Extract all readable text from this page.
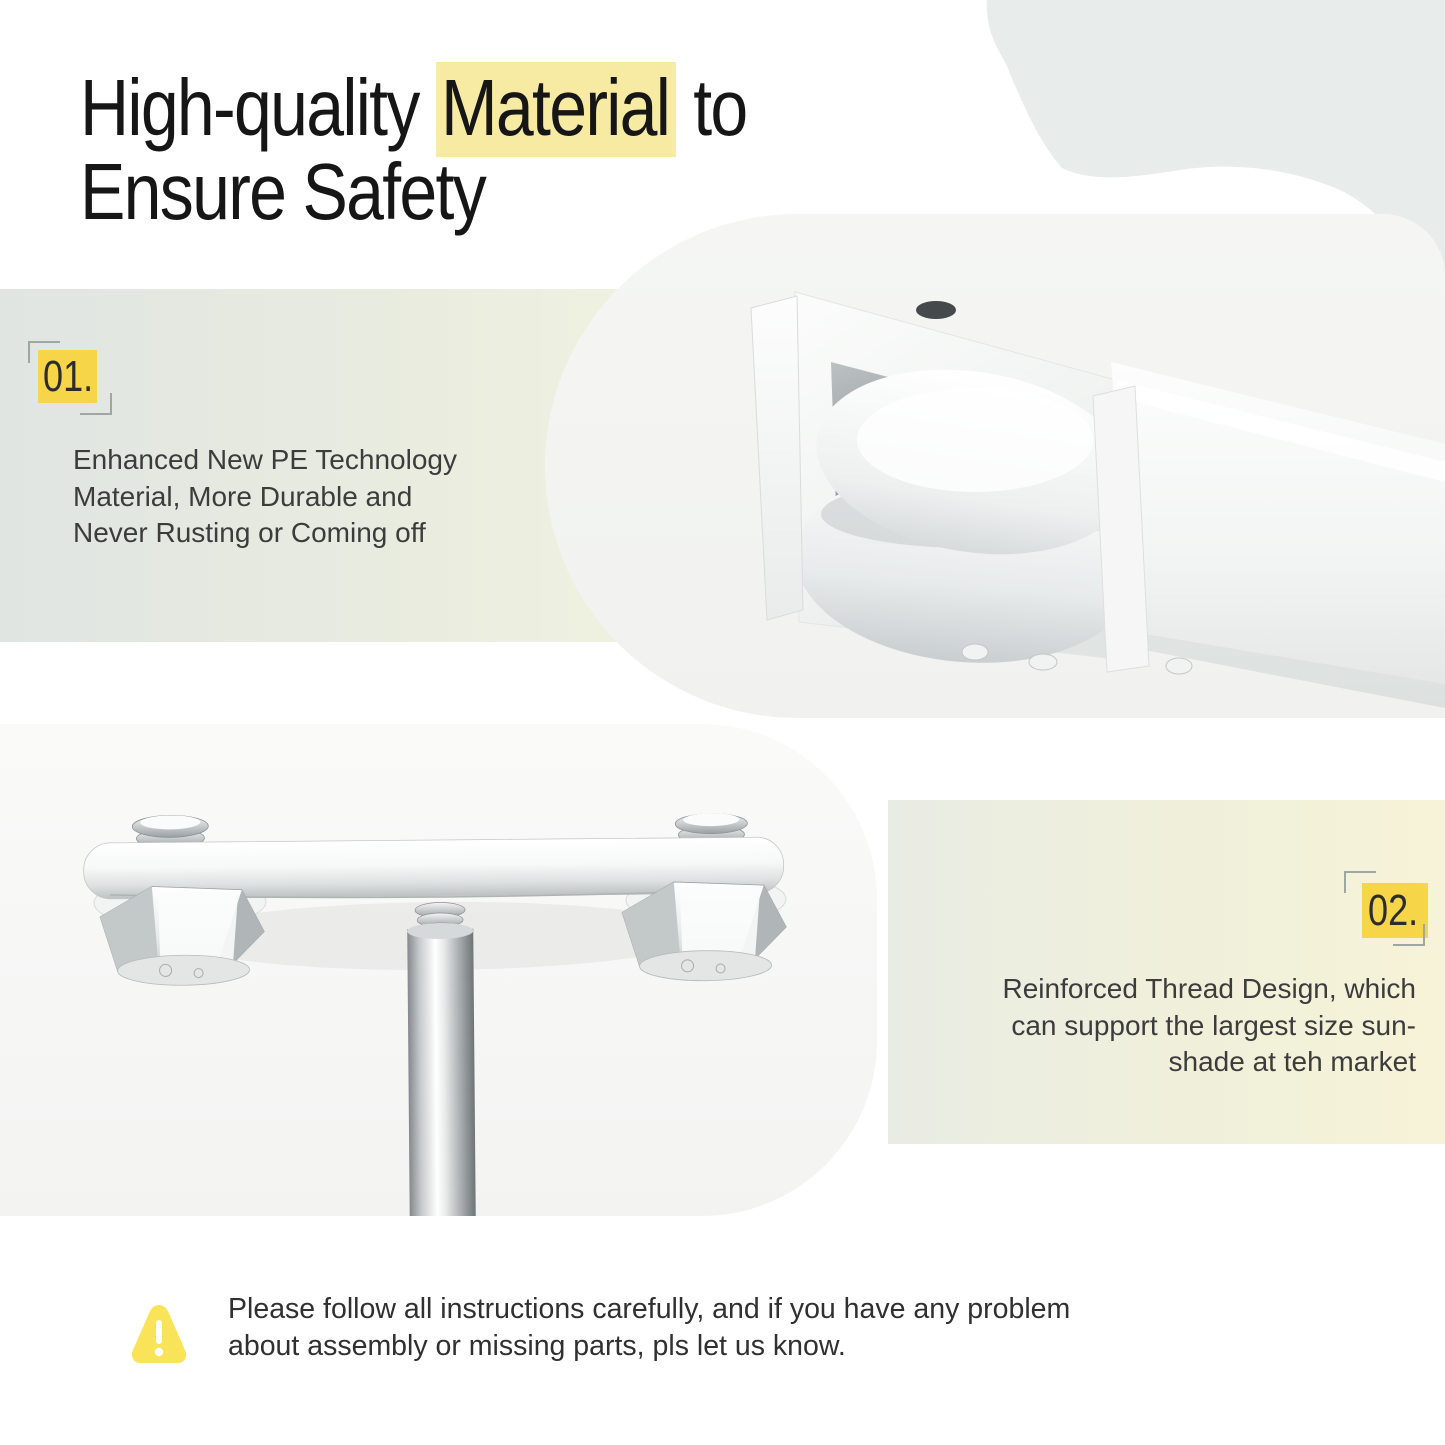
High-quality Material to
Ensure Safety
01.

Enhanced New PE Technology
Material, More Durable and
Never Rusting or Coming off

02.

Reinforced Thread Design, which
can support the largest size sun-
shade at teh market

Please follow all instructions carefully, and if you have any problem
about assembly or missing parts, pls let us know.
